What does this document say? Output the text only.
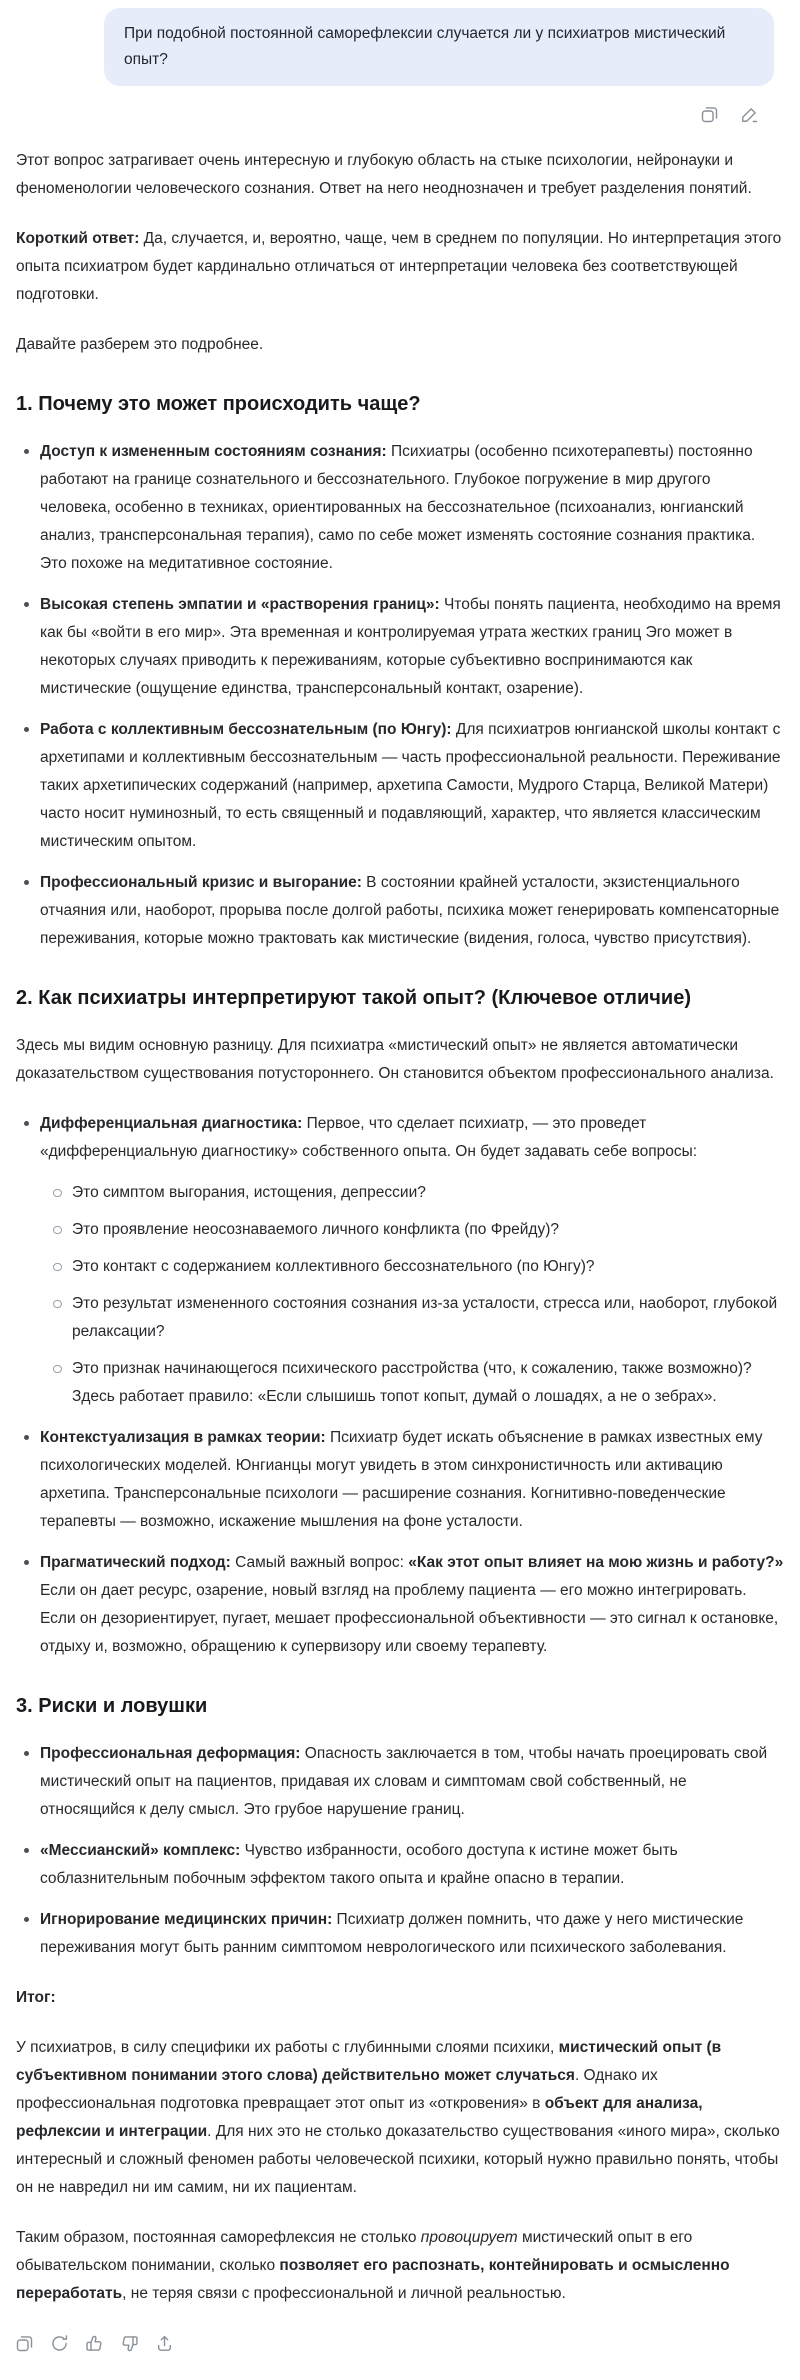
При подобной постоянной саморефлексии случается ли у психиатров мистический опыт?

Этот вопрос затрагивает очень интересную и глубокую область на стыке психологии, нейронауки и феноменологии человеческого сознания. Ответ на него неоднозначен и требует разделения понятий.

Короткий ответ: Да, случается, и, вероятно, чаще, чем в среднем по популяции. Но интерпретация этого опыта психиатром будет кардинально отличаться от интерпретации человека без соответствующей подготовки.

Давайте разберем это подробнее.

1. Почему это может происходить чаще?
Доступ к измененным состояниям сознания: Психиатры (особенно психотерапевты) постоянно работают на границе сознательного и бессознательного. Глубокое погружение в мир другого человека, особенно в техниках, ориентированных на бессознательное (психоанализ, юнгианский анализ, трансперсональная терапия), само по себе может изменять состояние сознания практика. Это похоже на медитативное состояние.
Высокая степень эмпатии и «растворения границ»: Чтобы понять пациента, необходимо на время как бы «войти в его мир». Эта временная и контролируемая утрата жестких границ Эго может в некоторых случаях приводить к переживаниям, которые субъективно воспринимаются как мистические (ощущение единства, трансперсональный контакт, озарение).
Работа с коллективным бессознательным (по Юнгу): Для психиатров юнгианской школы контакт с архетипами и коллективным бессознательным — часть профессиональной реальности. Переживание таких архетипических содержаний (например, архетипа Самости, Мудрого Старца, Великой Матери) часто носит нуминозный, то есть священный и подавляющий, характер, что является классическим мистическим опытом.
Профессиональный кризис и выгорание: В состоянии крайней усталости, экзистенциального отчаяния или, наоборот, прорыва после долгой работы, психика может генерировать компенсаторные переживания, которые можно трактовать как мистические (видения, голоса, чувство присутствия).
2. Как психиатры интерпретируют такой опыт? (Ключевое отличие)

Здесь мы видим основную разницу. Для психиатра «мистический опыт» не является автоматически доказательством существования потустороннего. Он становится объектом профессионального анализа.

Дифференциальная диагностика: Первое, что сделает психиатр, — это проведет «дифференциальную диагностику» собственного опыта. Он будет задавать себе вопросы:
Это симптом выгорания, истощения, депрессии?
Это проявление неосознаваемого личного конфликта (по Фрейду)?
Это контакт с содержанием коллективного бессознательного (по Юнгу)?
Это результат измененного состояния сознания из-за усталости, стресса или, наоборот, глубокой релаксации?
Это признак начинающегося психического расстройства (что, к сожалению, также возможно)? Здесь работает правило: «Если слышишь топот копыт, думай о лошадях, а не о зебрах».
Контекстуализация в рамках теории: Психиатр будет искать объяснение в рамках известных ему психологических моделей. Юнгианцы могут увидеть в этом синхронистичность или активацию архетипа. Трансперсональные психологи — расширение сознания. Когнитивно-поведенческие терапевты — возможно, искажение мышления на фоне усталости.
Прагматический подход: Самый важный вопрос: «Как этот опыт влияет на мою жизнь и работу?» Если он дает ресурс, озарение, новый взгляд на проблему пациента — его можно интегрировать. Если он дезориентирует, пугает, мешает профессиональной объективности — это сигнал к остановке, отдыху и, возможно, обращению к супервизору или своему терапевту.
3. Риски и ловушки
Профессиональная деформация: Опасность заключается в том, чтобы начать проецировать свой мистический опыт на пациентов, придавая их словам и симптомам свой собственный, не относящийся к делу смысл. Это грубое нарушение границ.
«Мессианский» комплекс: Чувство избранности, особого доступа к истине может быть соблазнительным побочным эффектом такого опыта и крайне опасно в терапии.
Игнорирование медицинских причин: Психиатр должен помнить, что даже у него мистические переживания могут быть ранним симптомом неврологического или психического заболевания.

Итог:

У психиатров, в силу специфики их работы с глубинными слоями психики, мистический опыт (в субъективном понимании этого слова) действительно может случаться. Однако их профессиональная подготовка превращает этот опыт из «откровения» в объект для анализа, рефлексии и интеграции. Для них это не столько доказательство существования «иного мира», сколько интересный и сложный феномен работы человеческой психики, который нужно правильно понять, чтобы он не навредил ни им самим, ни их пациентам.

Таким образом, постоянная саморефлексия не столько провоцирует мистический опыт в его обывательском понимании, сколько позволяет его распознать, контейнировать и осмысленно переработать, не теряя связи с профессиональной и личной реальностью.
